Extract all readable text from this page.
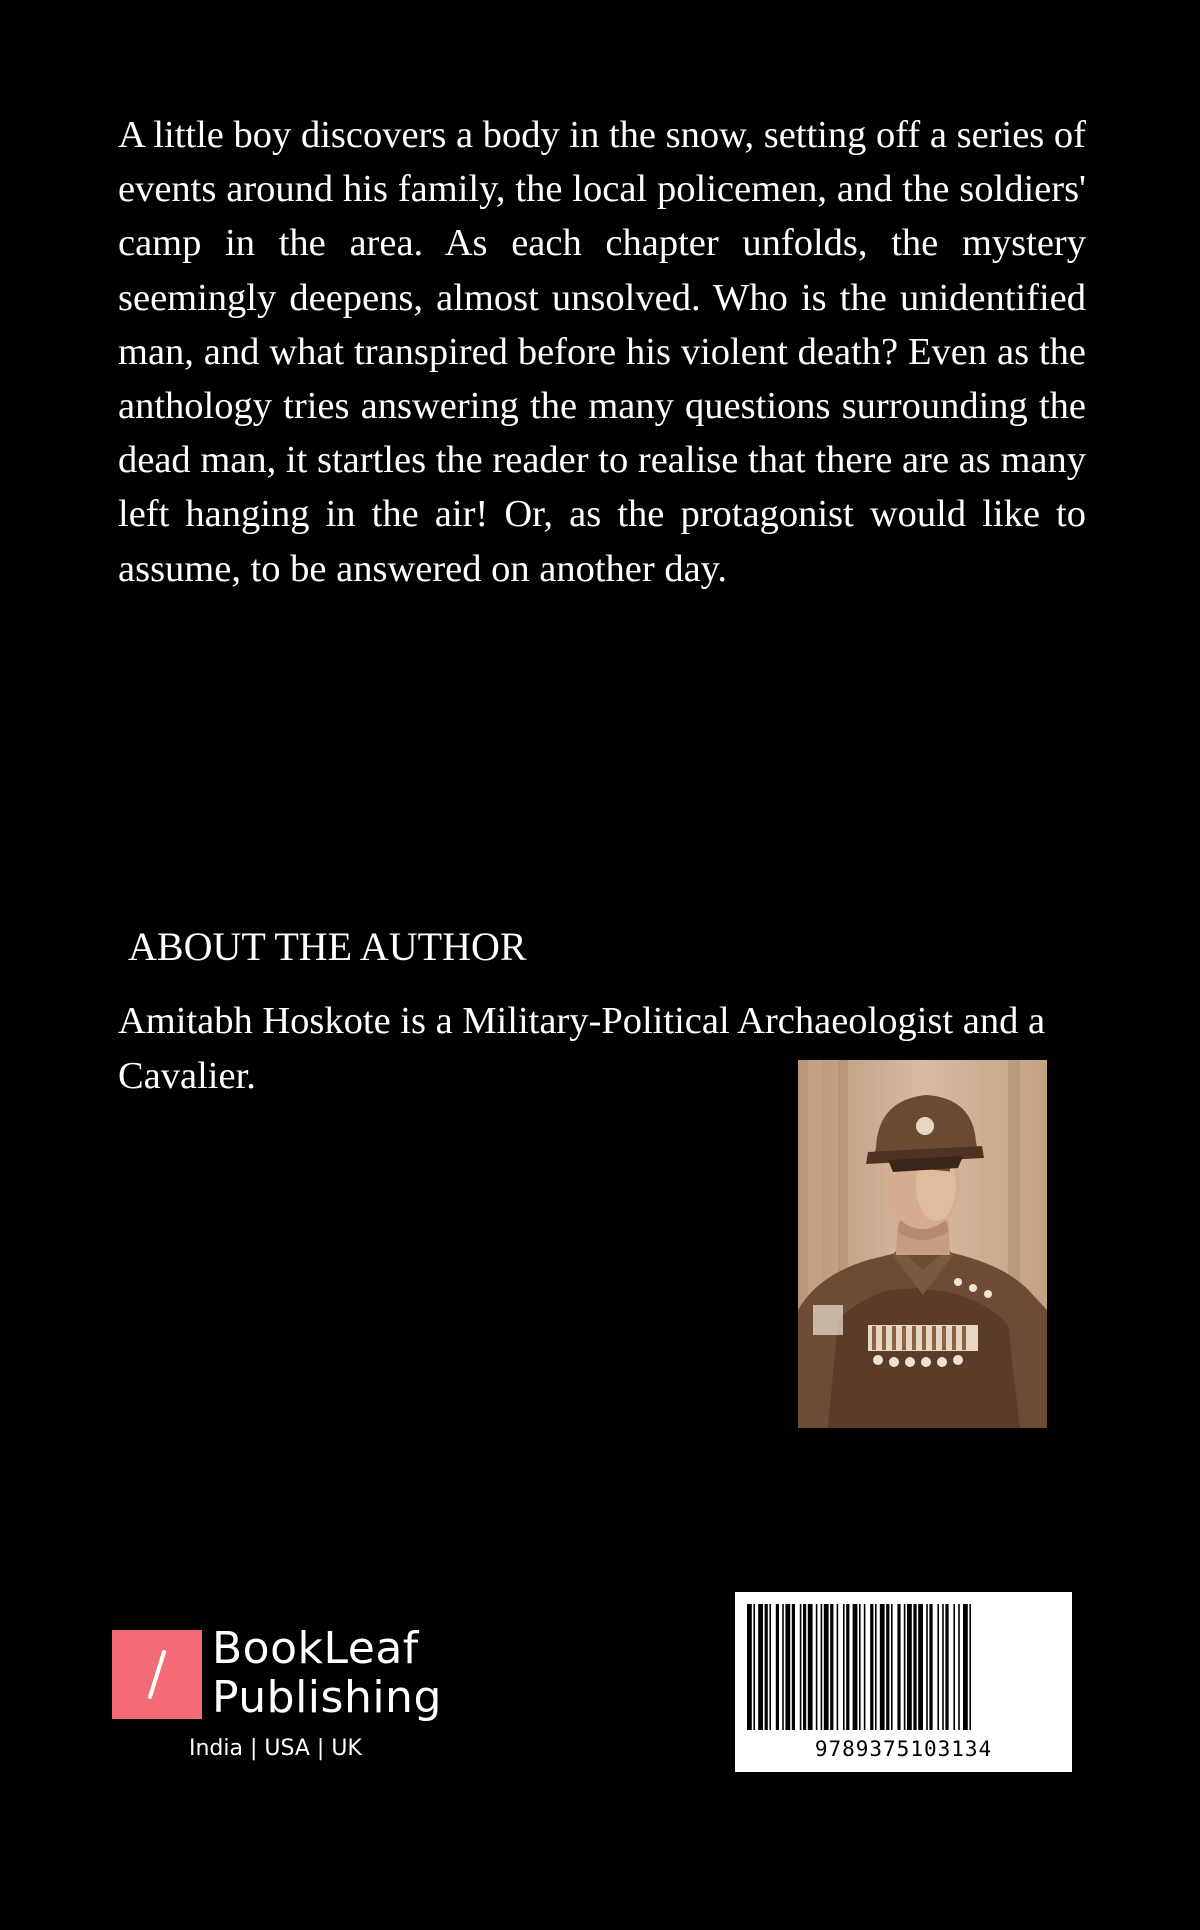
A little boy discovers a body in the snow, setting off a series of events around his family, the local policemen, and the soldiers' camp in the area. As each chapter unfolds, the mystery seemingly deepens, almost unsolved. Who is the unidentified man, and what transpired before his violent death? Even as the anthology tries answering the many questions surrounding the dead man, it startles the reader to realise that there are as many left hanging in the air! Or, as the protagonist would like to assume, to be answered on another day.

ABOUT THE AUTHOR

Amitabh Hoskote is a Military-Political Archaeologist and a Cavalier.

BookLeaf
Publishing
India | USA | UK	9789375103134
